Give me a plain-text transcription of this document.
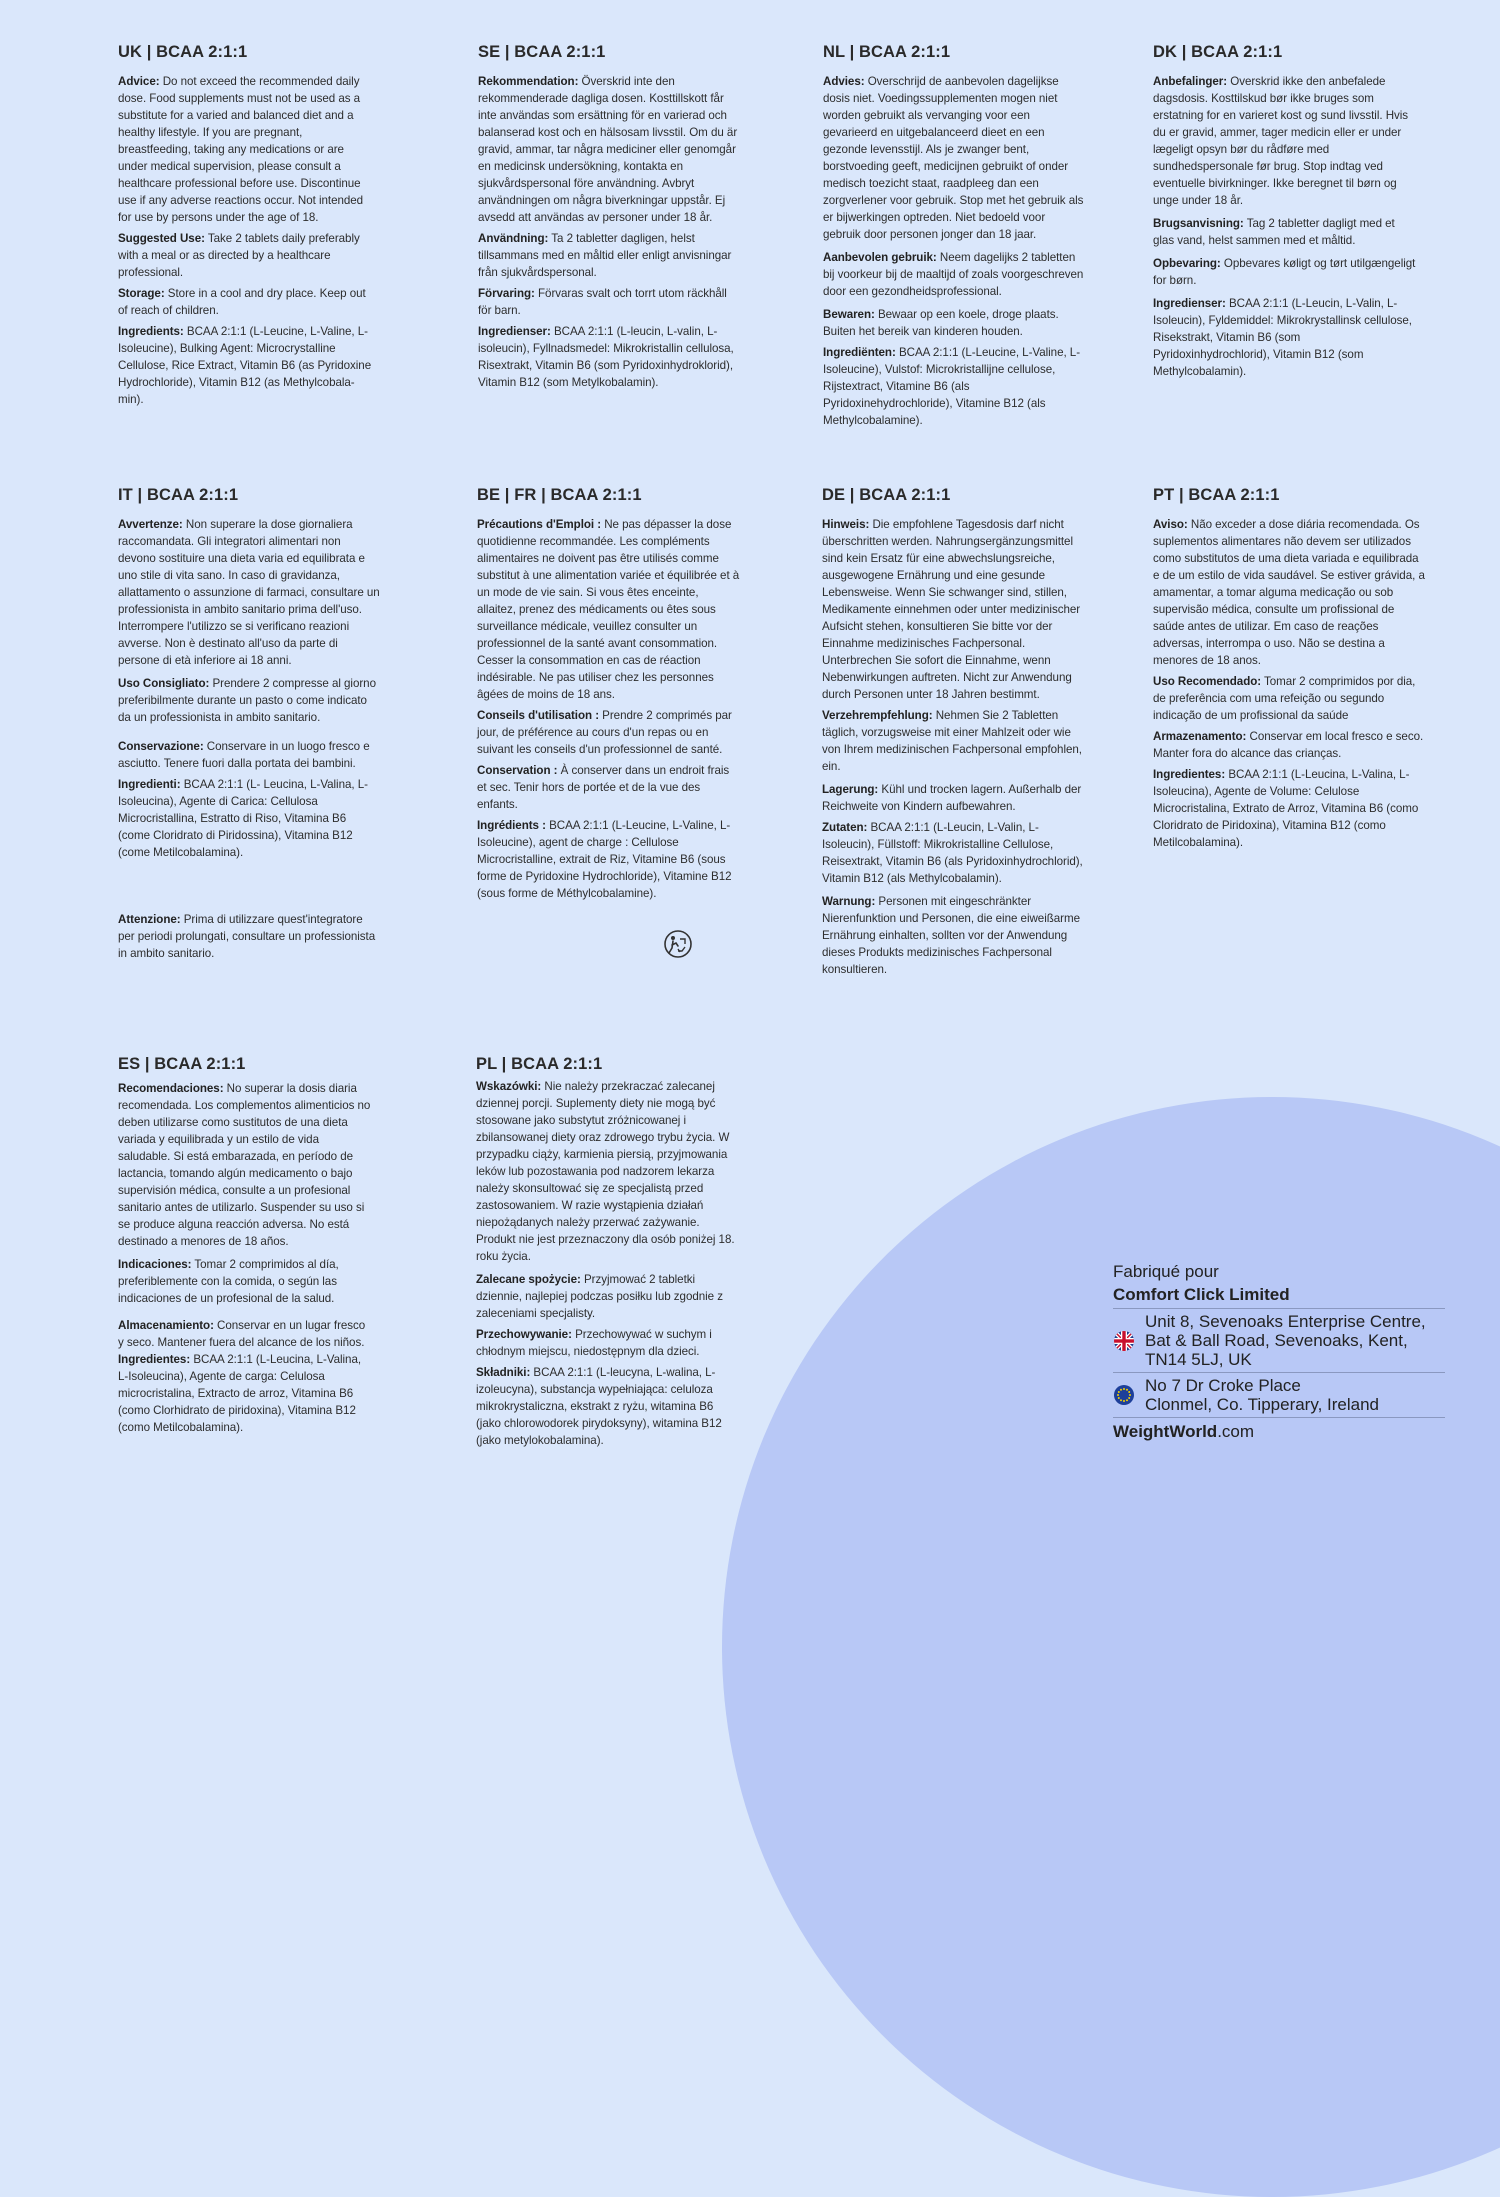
UK | BCAA 2:1:1

Advice: Do not exceed the recommended daily dose. Food supplements must not be used as a substitute for a varied and balanced diet and a healthy lifestyle. If you are pregnant, breastfeeding, taking any medications or are under medical supervision, please consult a healthcare professional before use. Discontinue use if any adverse reactions occur. Not intended for use by persons under the age of 18.

Suggested Use: Take 2 tablets daily preferably with a meal or as directed by a healthcare professional.

Storage: Store in a cool and dry place. Keep out of reach of children.

Ingredients: BCAA 2:1:1 (L-Leucine, L-Valine, L-Isoleucine), Bulking Agent: Microcrystalline Cellulose, Rice Extract, Vitamin B6 (as Pyridoxine Hydrochloride), Vitamin B12 (as Methylcobala-min).

SE | BCAA 2:1:1

Rekommendation: Överskrid inte den rekommenderade dagliga dosen. Kosttillskott får inte användas som ersättning för en varierad och balanserad kost och en hälsosam livsstil. Om du är gravid, ammar, tar några mediciner eller genomgår en medicinsk undersökning, kontakta en sjukvårdspersonal före användning. Avbryt användningen om några biverkningar uppstår. Ej avsedd att användas av personer under 18 år.

Användning: Ta 2 tabletter dagligen, helst tillsammans med en måltid eller enligt anvisningar från sjukvårdspersonal.

Förvaring: Förvaras svalt och torrt utom räckhåll för barn.

Ingredienser: BCAA 2:1:1 (L-leucin, L-valin, L-isoleucin), Fyllnadsmedel: Mikrokristallin cellulosa, Risextrakt, Vitamin B6 (som Pyridoxinhydroklorid), Vitamin B12 (som Metylkobalamin).

NL | BCAA 2:1:1

Advies: Overschrijd de aanbevolen dagelijkse dosis niet. Voedingssupplementen mogen niet worden gebruikt als vervanging voor een gevarieerd en uitgebalanceerd dieet en een gezonde levensstijl. Als je zwanger bent, borstvoeding geeft, medicijnen gebruikt of onder medisch toezicht staat, raadpleeg dan een zorgverlener voor gebruik. Stop met het gebruik als er bijwerkingen optreden. Niet bedoeld voor gebruik door personen jonger dan 18 jaar.

Aanbevolen gebruik: Neem dagelijks 2 tabletten bij voorkeur bij de maaltijd of zoals voorgeschreven door een gezondheidsprofessional.

Bewaren: Bewaar op een koele, droge plaats. Buiten het bereik van kinderen houden.

Ingrediënten: BCAA 2:1:1 (L-Leucine, L-Valine, L-Isoleucine), Vulstof: Microkristallijne cellulose, Rijstextract, Vitamine B6 (als Pyridoxinehydrochloride), Vitamine B12 (als Methylcobalamine).

DK | BCAA 2:1:1

Anbefalinger: Overskrid ikke den anbefalede dagsdosis. Kosttilskud bør ikke bruges som erstatning for en varieret kost og sund livsstil. Hvis du er gravid, ammer, tager medicin eller er under lægeligt opsyn bør du rådføre med sundhedspersonale før brug. Stop indtag ved eventuelle bivirkninger. Ikke beregnet til børn og unge under 18 år.

Brugsanvisning: Tag 2 tabletter dagligt med et glas vand, helst sammen med et måltid.

Opbevaring: Opbevares køligt og tørt utilgængeligt for børn.

Ingredienser: BCAA 2:1:1 (L-Leucin, L-Valin, L-Isoleucin), Fyldemiddel: Mikrokrystallinsk cellulose, Risekstrakt, Vitamin B6 (som Pyridoxinhydrochlorid), Vitamin B12 (som Methylcobalamin).

IT | BCAA 2:1:1

Avvertenze: Non superare la dose giornaliera raccomandata. Gli integratori alimentari non devono sostituire una dieta varia ed equilibrata e uno stile di vita sano. In caso di gravidanza, allattamento o assunzione di farmaci, consultare un professionista in ambito sanitario prima dell'uso. Interrompere l'utilizzo se si verificano reazioni avverse. Non è destinato all'uso da parte di persone di età inferiore ai 18 anni.

Uso Consigliato: Prendere 2 compresse al giorno preferibilmente durante un pasto o come indicato da un professionista in ambito sanitario.

Conservazione: Conservare in un luogo fresco e asciutto. Tenere fuori dalla portata dei bambini.

Ingredienti: BCAA 2:1:1 (L- Leucina, L-Valina, L-Isoleucina), Agente di Carica: Cellulosa Microcristallina, Estratto di Riso, Vitamina B6 (come Cloridrato di Piridossina), Vitamina B12 (come Metilcobalamina).

Attenzione: Prima di utilizzare quest'integratore per periodi prolungati, consultare un professionista in ambito sanitario.

BE | FR | BCAA 2:1:1

Précautions d'Emploi : Ne pas dépasser la dose quotidienne recommandée. Les compléments alimentaires ne doivent pas être utilisés comme substitut à une alimentation variée et équilibrée et à un mode de vie sain. Si vous êtes enceinte, allaitez, prenez des médicaments ou êtes sous surveillance médicale, veuillez consulter un professionnel de la santé avant consommation. Cesser la consommation en cas de réaction indésirable. Ne pas utiliser chez les personnes âgées de moins de 18 ans.

Conseils d'utilisation : Prendre 2 comprimés par jour, de préférence au cours d'un repas ou en suivant les conseils d'un professionnel de santé.

Conservation : À conserver dans un endroit frais et sec. Tenir hors de portée et de la vue des enfants.

Ingrédients : BCAA 2:1:1 (L-Leucine, L-Valine, L-Isoleucine), agent de charge : Cellulose Microcristalline, extrait de Riz, Vitamine B6 (sous forme de Pyridoxine Hydrochloride), Vitamine B12 (sous forme de Méthylcobalamine).

DE | BCAA 2:1:1

Hinweis: Die empfohlene Tagesdosis darf nicht überschritten werden. Nahrungsergänzungsmittel sind kein Ersatz für eine abwechslungsreiche, ausgewogene Ernährung und eine gesunde Lebensweise. Wenn Sie schwanger sind, stillen, Medikamente einnehmen oder unter medizinischer Aufsicht stehen, konsultieren Sie bitte vor der Einnahme medizinisches Fachpersonal. Unterbrechen Sie sofort die Einnahme, wenn Nebenwirkungen auftreten. Nicht zur Anwendung durch Personen unter 18 Jahren bestimmt.

Verzehrempfehlung: Nehmen Sie 2 Tabletten täglich, vorzugsweise mit einer Mahlzeit oder wie von Ihrem medizinischen Fachpersonal empfohlen, ein.

Lagerung: Kühl und trocken lagern. Außerhalb der Reichweite von Kindern aufbewahren.

Zutaten: BCAA 2:1:1 (L-Leucin, L-Valin, L-Isoleucin), Füllstoff: Mikrokristalline Cellulose, Reisextrakt, Vitamin B6 (als Pyridoxinhydrochlorid), Vitamin B12 (als Methylcobalamin).

Warnung: Personen mit eingeschränkter Nierenfunktion und Personen, die eine eiweißarme Ernährung einhalten, sollten vor der Anwendung dieses Produkts medizinisches Fachpersonal konsultieren.

PT | BCAA 2:1:1

Aviso: Não exceder a dose diária recomendada. Os suplementos alimentares não devem ser utilizados como substitutos de uma dieta variada e equilibrada e de um estilo de vida saudável. Se estiver grávida, a amamentar, a tomar alguma medicação ou sob supervisão médica, consulte um profissional de saúde antes de utilizar. Em caso de reações adversas, interrompa o uso. Não se destina a menores de 18 anos.

Uso Recomendado: Tomar 2 comprimidos por dia, de preferência com uma refeição ou segundo indicação de um profissional da saúde

Armazenamento: Conservar em local fresco e seco. Manter fora do alcance das crianças.

Ingredientes: BCAA 2:1:1 (L-Leucina, L-Valina, L-Isoleucina), Agente de Volume: Celulose Microcristalina, Extrato de Arroz, Vitamina B6 (como Cloridrato de Piridoxina), Vitamina B12 (como Metilcobalamina).

ES | BCAA 2:1:1

Recomendaciones: No superar la dosis diaria recomendada. Los complementos alimenticios no deben utilizarse como sustitutos de una dieta variada y equilibrada y un estilo de vida saludable. Si está embarazada, en período de lactancia, tomando algún medicamento o bajo supervisión médica, consulte a un profesional sanitario antes de utilizarlo. Suspender su uso si se produce alguna reacción adversa. No está destinado a menores de 18 años.

Indicaciones: Tomar 2 comprimidos al día, preferiblemente con la comida, o según las indicaciones de un profesional de la salud.

Almacenamiento: Conservar en un lugar fresco y seco. Mantener fuera del alcance de los niños.

Ingredientes: BCAA 2:1:1 (L-Leucina, L-Valina, L-Isoleucina), Agente de carga: Celulosa microcristalina, Extracto de arroz, Vitamina B6 (como Clorhidrato de piridoxina), Vitamina B12 (como Metilcobalamina).

PL | BCAA 2:1:1

Wskazówki: Nie należy przekraczać zalecanej dziennej porcji. Suplementy diety nie mogą być stosowane jako substytut zróżnicowanej i zbilansowanej diety oraz zdrowego trybu życia. W przypadku ciąży, karmienia piersią, przyjmowania leków lub pozostawania pod nadzorem lekarza należy skonsultować się ze specjalistą przed zastosowaniem. W razie wystąpienia działań niepożądanych należy przerwać zażywanie. Produkt nie jest przeznaczony dla osób poniżej 18. roku życia.

Zalecane spożycie: Przyjmować 2 tabletki dziennie, najlepiej podczas posiłku lub zgodnie z zaleceniami specjalisty.

Przechowywanie: Przechowywać w suchym i chłodnym miejscu, niedostępnym dla dzieci.

Składniki: BCAA 2:1:1 (L-leucyna, L-walina, L-izoleucyna), substancja wypełniająca: celuloza mikrokrystaliczna, ekstrakt z ryżu, witamina B6 (jako chlorowodorek pirydoksyny), witamina B12 (jako metylokobalamina).

Fabriqué pour
Comfort Click Limited
Unit 8, Sevenoaks Enterprise Centre,
Bat & Ball Road, Sevenoaks, Kent,
TN14 5LJ, UK
No 7 Dr Croke Place
Clonmel, Co. Tipperary, Ireland
WeightWorld.com
